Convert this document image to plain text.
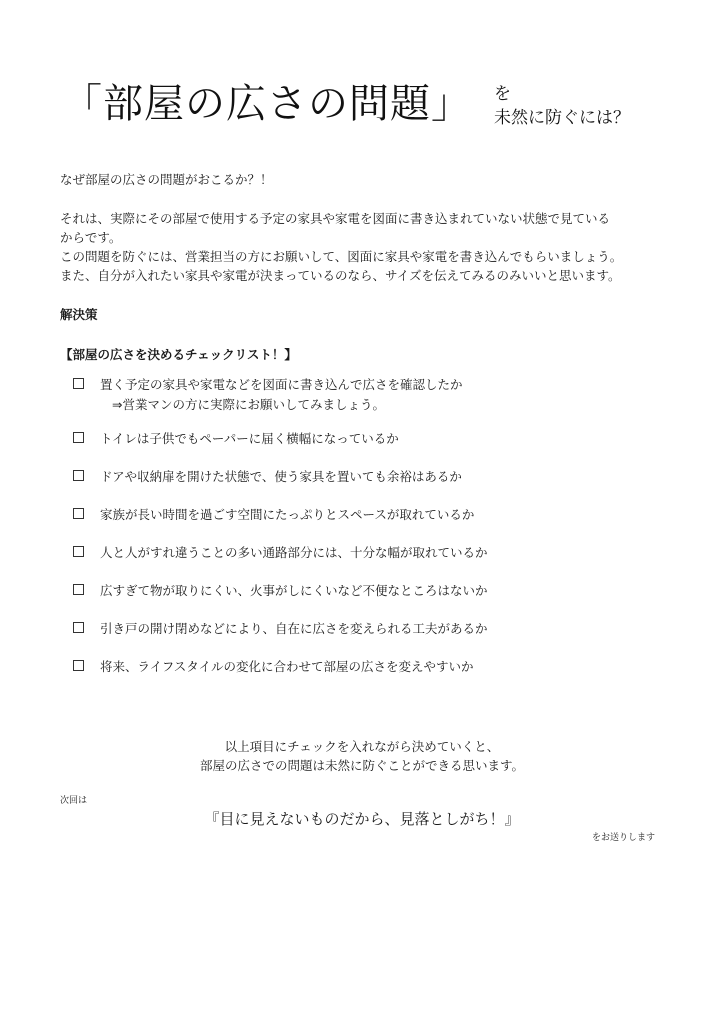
「部屋の広さの問題」 を
未然に防ぐには？
なぜ部屋の広さの問題がおこるか？！
それは、実際にその部屋で使用する予定の家具や家電を図面に書き込まれていない状態で見ている
からです。
この問題を防ぐには、営業担当の方にお願いして、図面に家具や家電を書き込んでもらいましょう。
また、自分が入れたい家具や家電が決まっているのなら、サイズを伝えてみるのみいいと思います。
解決策
【部屋の広さを決めるチェックリスト！】
置く予定の家具や家電などを図面に書き込んで広さを確認したか
⇒営業マンの方に実際にお願いしてみましょう。
トイレは子供でもペーパーに届く横幅になっているか
ドアや収納扉を開けた状態で、使う家具を置いても余裕はあるか
家族が長い時間を過ごす空間にたっぷりとスペースが取れているか
人と人がすれ違うことの多い通路部分には、十分な幅が取れているか
広すぎて物が取りにくい、火事がしにくいなど不便なところはないか
引き戸の開け閉めなどにより、自在に広さを変えられる工夫があるか
将来、ライフスタイルの変化に合わせて部屋の広さを変えやすいか
以上項目にチェックを入れながら決めていくと、
部屋の広さでの問題は未然に防ぐことができる思います。
次回は
『目に見えないものだから、見落としがち！』
をお送りします
